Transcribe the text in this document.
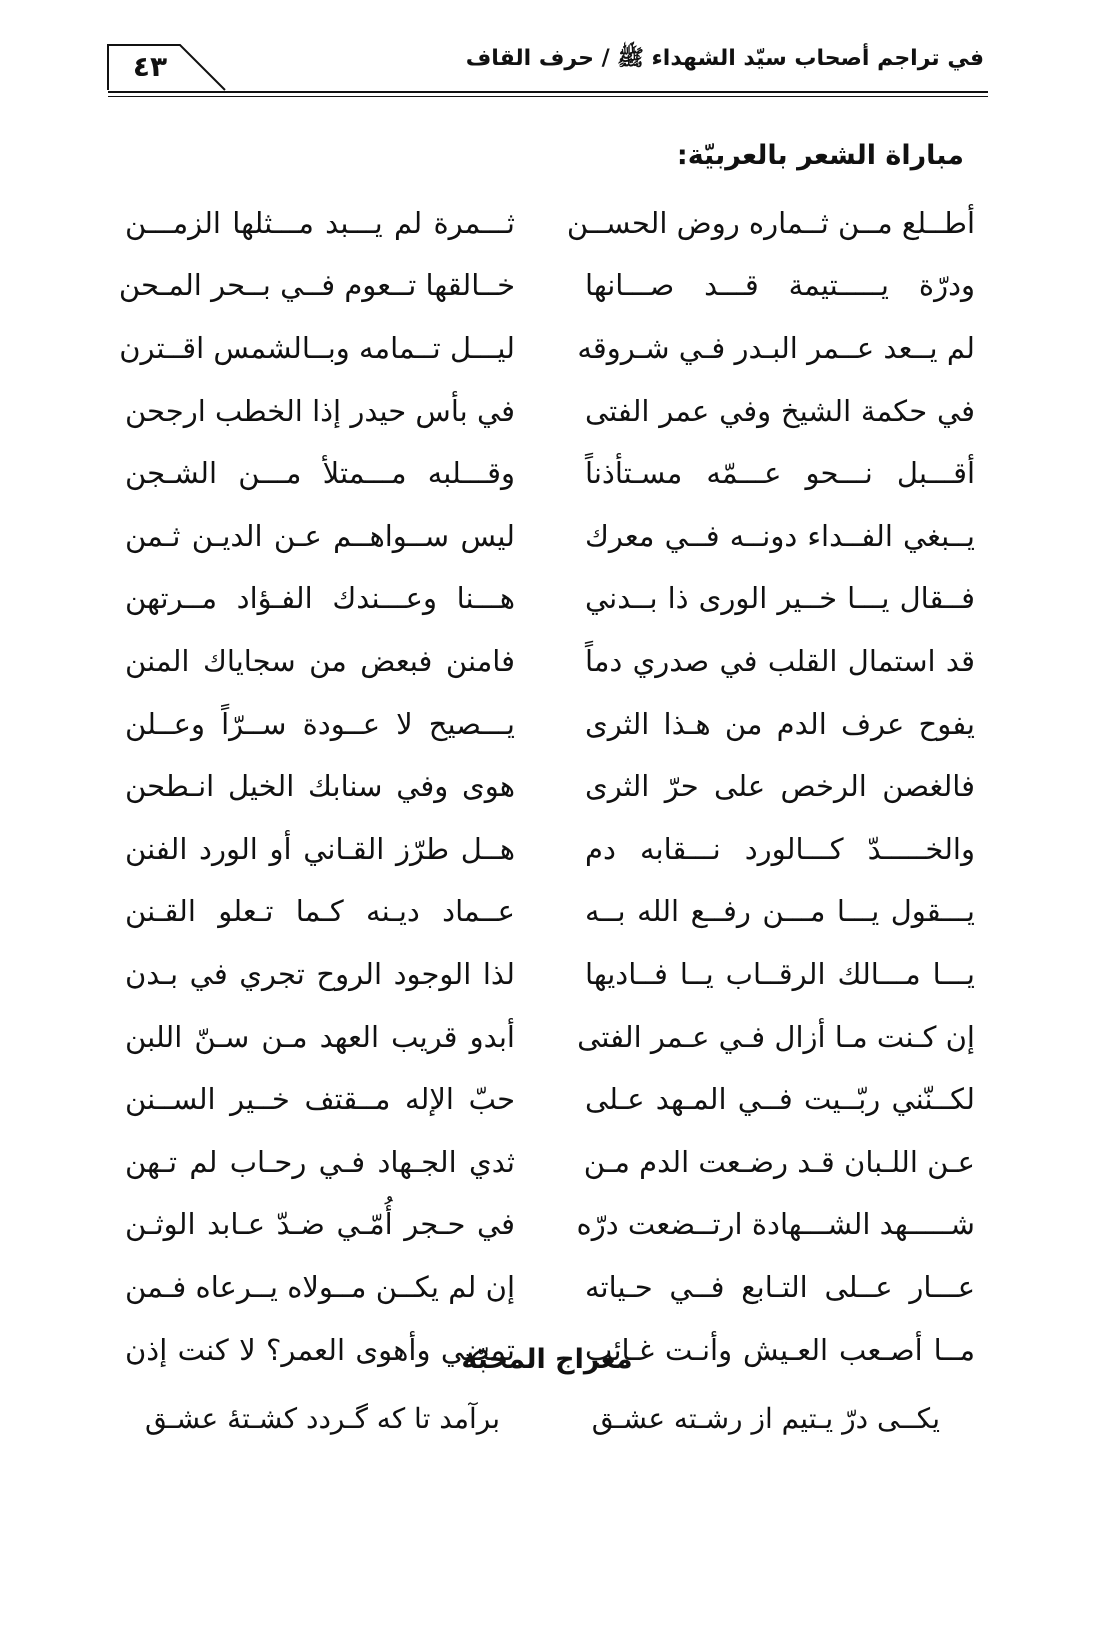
٤٣	في تراجم أصحاب سيّد الشهداء ﷺ / حرف القاف
مباراة الشعر بالعربيّة:
أطــلع مــن ثــماره روض الحســن
ثـــمرة لم يـــبد مـــثلها الزمـــن
ودرّة يـــــتيمة قـــد صـــانها
خــالقها تــعوم فــي بــحر المـحن
لم يــعد عــمر البـدر فـي شـروقه
ليـــل تــمامه وبــالشمس اقــترن
في حكمة الشيخ وفي عمر الفتى
في بأس حيدر إذا الخطب ارجحن
أقـــبل نـــحو عـــمّه مسـتأذناً
وقـــلبه مـــمتلأ مـــن الشـجن
يــبغي الفــداء دونــه فــي معرك
ليس ســواهــم عـن الديـن ثـمن
فــقال يـــا خــير الورى ذا بــدني
هـــنا وعـــندك الفـؤاد مــرتهن
قد استمال القلب في صدري دماً
فامنن فبعض من سجاياك المنن
يفوح عرف الدم من هـذا الثرى
يـــصيح لا عــودة ســرّاً وعــلن
فالغصن الرخص على حرّ الثرى
هوى وفي سنابك الخيل انـطحن
والخـــــدّ كـــالورد نـــقابه دم
هــل طرّز القـاني أو الورد الفنن
يـــقول يـــا مـــن رفــع الله بــه
عــماد ديـنه كـما تـعلو القـنن
يـــا مـــالك الرقــاب يــا فــاديها
لذا الوجود الروح تجري في بـدن
إن كـنت مـا أزال فـي عـمر الفتى
أبدو قريب العهد مـن سـنّ اللبن
لكــنّني ربّــيت فــي المـهد عـلى
حبّ الإله مــقتف خــير الســنن
عـن اللـبان قـد رضـعت الدم مـن
ثدي الجـهاد فـي رحـاب لم تـهن
شـــــهد الشـــهادة ارتــضعت درّه
في حـجر أُمّـي ضـدّ عـابد الوثـن
عـــار عــلى التـابع فــي حـياته
إن لم يكــن مــولاه يــرعاه فـمن
مــا أصـعب العـيش وأنـت غـائب
تمضي وأهوى العمر؟ لا كنت إذن
معراج المحبّة
يكــى درّ يـتيم از رشـته عشـق
برآمد تا كه گـردد كشـتۀ عشـق
